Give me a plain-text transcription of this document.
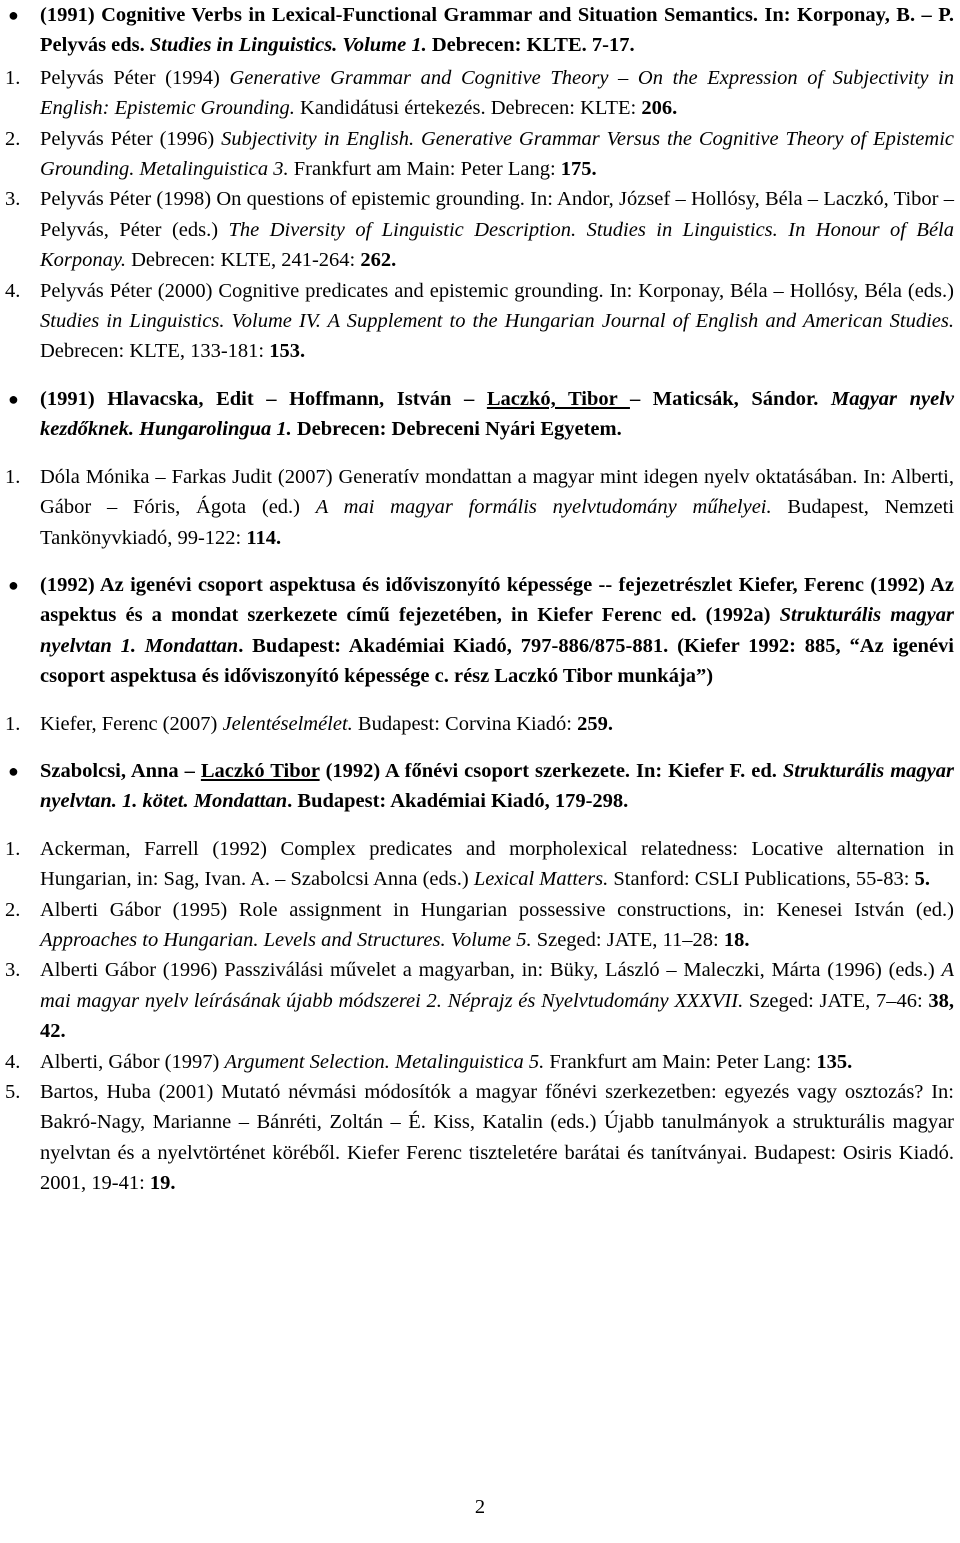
● (1991) Cognitive Verbs in Lexical-Functional Grammar and Situation Semantics. In: Korponay, B. – P. Pelyvás eds. Studies in Linguistics. Volume 1. Debrecen: KLTE. 7-17.
1. Pelyvás Péter (1994) Generative Grammar and Cognitive Theory – On the Expression of Subjectivity in English: Epistemic Grounding. Kandidátusi értekezés. Debrecen: KLTE: 206.
2. Pelyvás Péter (1996) Subjectivity in English. Generative Grammar Versus the Cognitive Theory of Epistemic Grounding. Metalinguistica 3. Frankfurt am Main: Peter Lang: 175.
3. Pelyvás Péter (1998) On questions of epistemic grounding. In: Andor, József – Hollósy, Béla – Laczkó, Tibor – Pelyvás, Péter (eds.) The Diversity of Linguistic Description. Studies in Linguistics. In Honour of Béla Korponay. Debrecen: KLTE, 241-264: 262.
4. Pelyvás Péter (2000) Cognitive predicates and epistemic grounding. In: Korponay, Béla – Hollósy, Béla (eds.) Studies in Linguistics. Volume IV. A Supplement to the Hungarian Journal of English and American Studies. Debrecen: KLTE, 133-181: 153.
● (1991) Hlavacska, Edit – Hoffmann, István – Laczkó, Tibor – Maticsák, Sándor. Magyar nyelv kezdőknek. Hungarolingua 1. Debrecen: Debreceni Nyári Egyetem.
1. Dóla Mónika – Farkas Judit (2007) Generatív mondattan a magyar mint idegen nyelv oktatásában. In: Alberti, Gábor – Fóris, Ágota (ed.) A mai magyar formális nyelvtudomány műhelyei. Budapest, Nemzeti Tankönyvkiadó, 99-122: 114.
● (1992) Az igenévi csoport aspektusa és időviszonyító képessége -- fejezetrészlet Kiefer, Ferenc (1992) Az aspektus és a mondat szerkezete című fejezetében, in Kiefer Ferenc ed. (1992a) Strukturális magyar nyelvtan 1. Mondattan. Budapest: Akadémiai Kiadó, 797-886/875-881. (Kiefer 1992: 885, “Az igenévi csoport aspektusa és időviszonyító képessége c. rész Laczkó Tibor munkája”)
1. Kiefer, Ferenc (2007) Jelentéselmélet. Budapest: Corvina Kiadó: 259.
● Szabolcsi, Anna – Laczkó Tibor (1992) A főnévi csoport szerkezete. In: Kiefer F. ed. Strukturális magyar nyelvtan. 1. kötet. Mondattan. Budapest: Akadémiai Kiadó, 179-298.
1. Ackerman, Farrell (1992) Complex predicates and morpholexical relatedness: Locative alternation in Hungarian, in: Sag, Ivan. A. – Szabolcsi Anna (eds.) Lexical Matters. Stanford: CSLI Publications, 55-83: 5.
2. Alberti Gábor (1995) Role assignment in Hungarian possessive constructions, in: Kenesei István (ed.) Approaches to Hungarian. Levels and Structures. Volume 5. Szeged: JATE, 11–28: 18.
3. Alberti Gábor (1996) Passziválási művelet a magyarban, in: Büky, László – Maleczki, Márta (1996) (eds.) A mai magyar nyelv leírásának újabb módszerei 2. Néprajz és Nyelvtudomány XXXVII. Szeged: JATE, 7–46: 38, 42.
4. Alberti, Gábor (1997) Argument Selection. Metalinguistica 5. Frankfurt am Main: Peter Lang: 135.
5. Bartos, Huba (2001) Mutató névmási módosítók a magyar főnévi szerkezetben: egyezés vagy osztozás? In: Bakró-Nagy, Marianne – Bánréti, Zoltán – É. Kiss, Katalin (eds.) Újabb tanulmányok a strukturális magyar nyelvtan és a nyelvtörténet köréből. Kiefer Ferenc tiszteletére barátai és tanítványai. Budapest: Osiris Kiadó. 2001, 19-41: 19.
2
